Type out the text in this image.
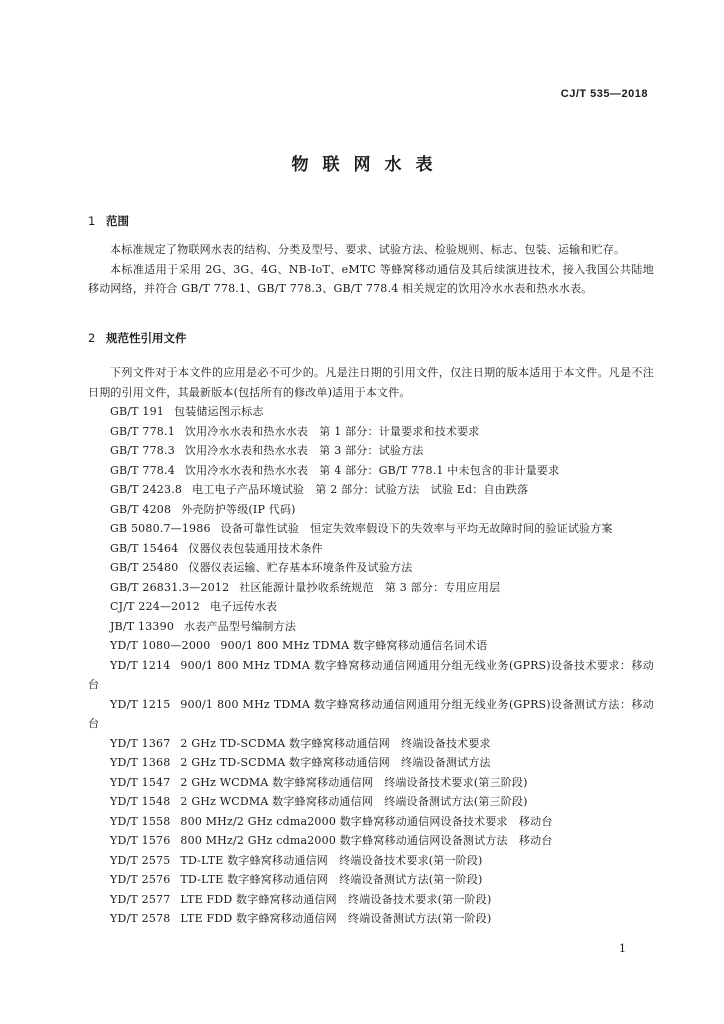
CJ/T 535—2018
物联网水表
1 范围

本标准规定了物联网水表的结构、分类及型号、要求、试验方法、检验规则、标志、包装、运输和贮存。

本标准适用于采用 2G、3G、4G、NB-IoT、eMTC 等蜂窝移动通信及其后续演进技术，接入我国公共陆地移动网络，并符合 GB/T 778.1、GB/T 778.3、GB/T 778.4 相关规定的饮用冷水水表和热水水表。

2 规范性引用文件

下列文件对于本文件的应用是必不可少的。凡是注日期的引用文件，仅注日期的版本适用于本文件。凡是不注日期的引用文件，其最新版本(包括所有的修改单)适用于本文件。

GB/T 191 包装储运图示标志
GB/T 778.1 饮用冷水水表和热水水表　第 1 部分：计量要求和技术要求
GB/T 778.3 饮用冷水水表和热水水表　第 3 部分：试验方法
GB/T 778.4 饮用冷水水表和热水水表　第 4 部分：GB/T 778.1 中未包含的非计量要求
GB/T 2423.8 电工电子产品环境试验　第 2 部分：试验方法　试验 Ed：自由跌落
GB/T 4208 外壳防护等级(IP 代码)
GB 5080.7—1986 设备可靠性试验　恒定失效率假设下的失效率与平均无故障时间的验证试验方案
GB/T 15464 仪器仪表包装通用技术条件
GB/T 25480 仪器仪表运输、贮存基本环境条件及试验方法
GB/T 26831.3—2012 社区能源计量抄收系统规范　第 3 部分：专用应用层
CJ/T 224—2012 电子远传水表
JB/T 13390 水表产品型号编制方法
YD/T 1080—2000 900/1 800 MHz TDMA 数字蜂窝移动通信名词术语
YD/T 1214 900/1 800 MHz TDMA 数字蜂窝移动通信网通用分组无线业务(GPRS)设备技术要求：移动台
YD/T 1215 900/1 800 MHz TDMA 数字蜂窝移动通信网通用分组无线业务(GPRS)设备测试方法：移动台
YD/T 1367 2 GHz TD-SCDMA 数字蜂窝移动通信网　终端设备技术要求
YD/T 1368 2 GHz TD-SCDMA 数字蜂窝移动通信网　终端设备测试方法
YD/T 1547 2 GHz WCDMA 数字蜂窝移动通信网　终端设备技术要求(第三阶段)
YD/T 1548 2 GHz WCDMA 数字蜂窝移动通信网　终端设备测试方法(第三阶段)
YD/T 1558 800 MHz/2 GHz cdma2000 数字蜂窝移动通信网设备技术要求　移动台
YD/T 1576 800 MHz/2 GHz cdma2000 数字蜂窝移动通信网设备测试方法　移动台
YD/T 2575 TD-LTE 数字蜂窝移动通信网　终端设备技术要求(第一阶段)
YD/T 2576 TD-LTE 数字蜂窝移动通信网　终端设备测试方法(第一阶段)
YD/T 2577 LTE FDD 数字蜂窝移动通信网　终端设备技术要求(第一阶段)
YD/T 2578 LTE FDD 数字蜂窝移动通信网　终端设备测试方法(第一阶段)
1
